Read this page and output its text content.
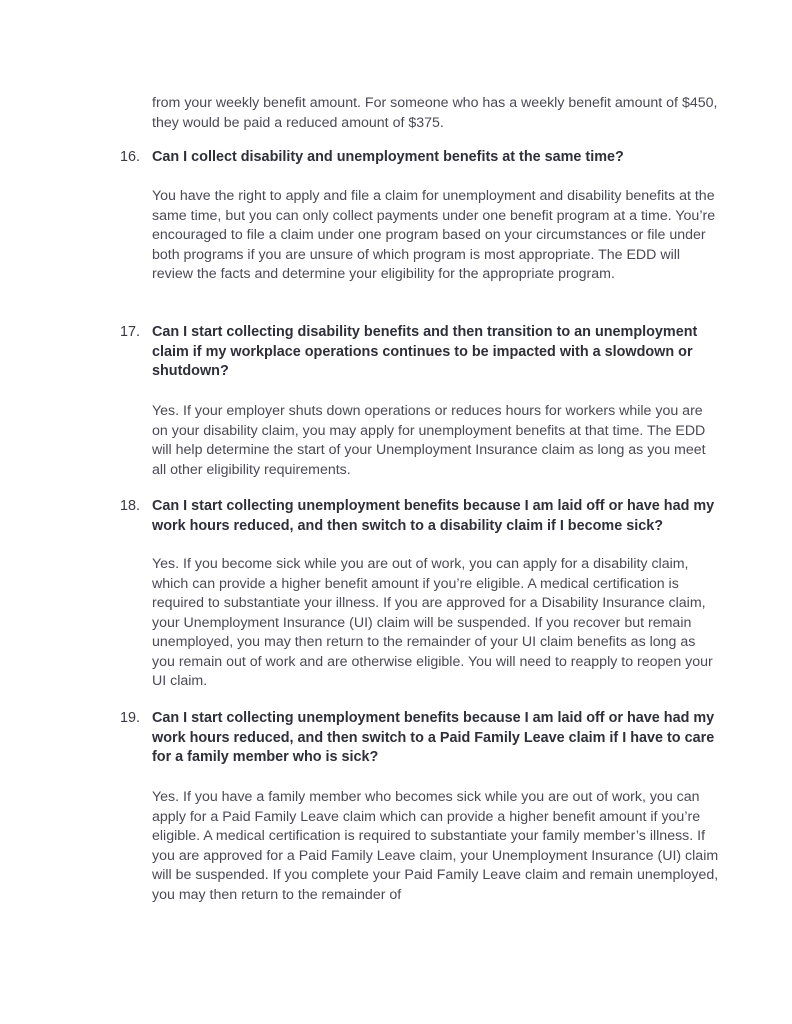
from your weekly benefit amount. For someone who has a weekly benefit amount of $450, they would be paid a reduced amount of $375.

16. Can I collect disability and unemployment benefits at the same time?

You have the right to apply and file a claim for unemployment and disability benefits at the same time, but you can only collect payments under one benefit program at a time. You’re encouraged to file a claim under one program based on your circumstances or file under both programs if you are unsure of which program is most appropriate. The EDD will review the facts and determine your eligibility for the appropriate program.

17. Can I start collecting disability benefits and then transition to an unemployment claim if my workplace operations continues to be impacted with a slowdown or shutdown?

Yes. If your employer shuts down operations or reduces hours for workers while you are on your disability claim, you may apply for unemployment benefits at that time. The EDD will help determine the start of your Unemployment Insurance claim as long as you meet all other eligibility requirements.

18. Can I start collecting unemployment benefits because I am laid off or have had my work hours reduced, and then switch to a disability claim if I become sick?

Yes. If you become sick while you are out of work, you can apply for a disability claim, which can provide a higher benefit amount if you’re eligible. A medical certification is required to substantiate your illness. If you are approved for a Disability Insurance claim, your Unemployment Insurance (UI) claim will be suspended. If you recover but remain unemployed, you may then return to the remainder of your UI claim benefits as long as you remain out of work and are otherwise eligible. You will need to reapply to reopen your UI claim.

19. Can I start collecting unemployment benefits because I am laid off or have had my work hours reduced, and then switch to a Paid Family Leave claim if I have to care for a family member who is sick?

Yes. If you have a family member who becomes sick while you are out of work, you can apply for a Paid Family Leave claim which can provide a higher benefit amount if you’re eligible. A medical certification is required to substantiate your family member’s illness. If you are approved for a Paid Family Leave claim, your Unemployment Insurance (UI) claim will be suspended. If you complete your Paid Family Leave claim and remain unemployed, you may then return to the remainder of
